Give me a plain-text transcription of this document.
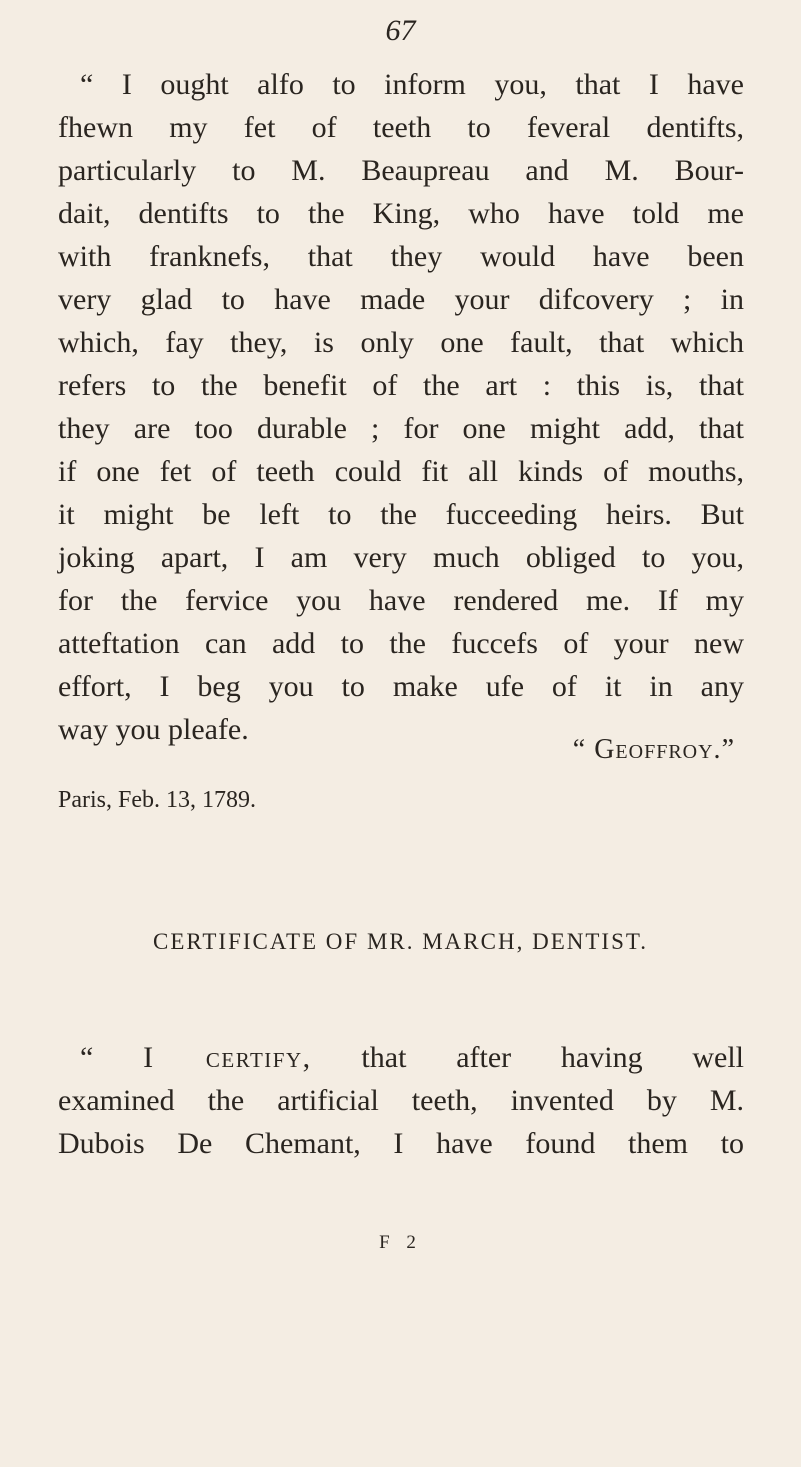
67
“ I ought alfo to inform you, that I have
fhewn my fet of teeth to feveral dentifts,
particularly to M. Beaupreau and M. Bour-
dait, dentifts to the King, who have told me
with franknefs, that they would have been
very glad to have made your difcovery ; in
which, fay they, is only one fault, that which
refers to the benefit of the art : this is, that
they are too durable ; for one might add, that
if one fet of teeth could fit all kinds of mouths,
it might be left to the fucceeding heirs. But
joking apart, I am very much obliged to you,
for the fervice you have rendered me. If my
atteftation can add to the fuccefs of your new
effort, I beg you to make ufe of it in any
way you pleafe.
“ Geoffroy.”
Paris, Feb. 13, 1789.
CERTIFICATE OF MR. MARCH, DENTIST.
“ I certify, that after having well
examined the artificial teeth, invented by M.
Dubois De Chemant, I have found them to
F 2
